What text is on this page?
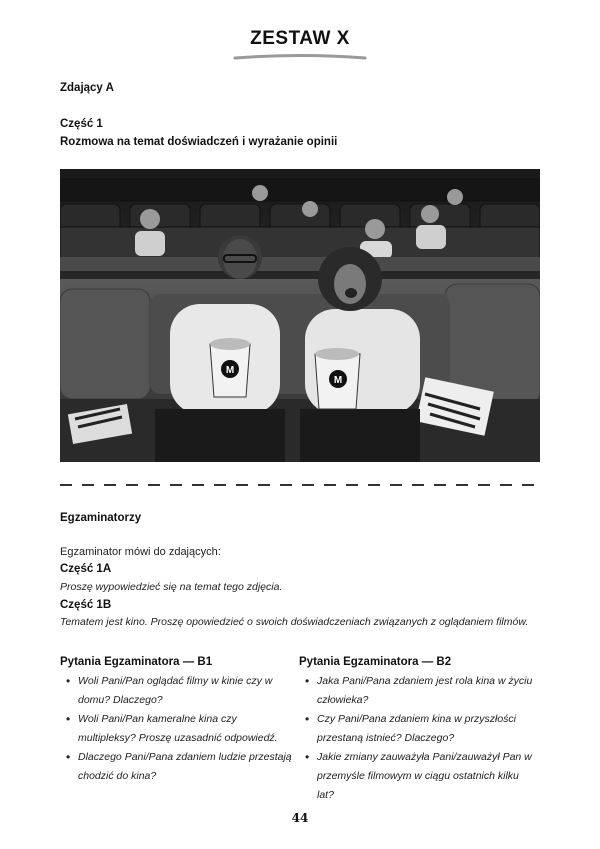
ZESTAW X
Zdający A
Część 1
Rozmowa na temat doświadczeń i wyrażanie opinii
M
M
Egzaminatorzy
Egzaminator mówi do zdających:
Część 1A
Proszę wypowiedzieć się na temat tego zdjęcia.
Część 1B
Tematem jest kino. Proszę opowiedzieć o swoich doświadczeniach związanych z oglądaniem filmów.
Pytania Egzaminatora — B1
• Woli Pani/Pan oglądać filmy w kinie czy w domu? Dlaczego?
• Woli Pani/Pan kameralne kina czy multipleksy? Proszę uzasadnić odpowiedź.
• Dlaczego Pani/Pana zdaniem ludzie przestają chodzić do kina?
Pytania Egzaminatora — B2
• Jaka Pani/Pana zdaniem jest rola kina w życiu człowieka?
• Czy Pani/Pana zdaniem kina w przyszłości przestaną istnieć? Dlaczego?
• Jakie zmiany zauważyła Pani/zauważył Pan w przemyśle filmowym w ciągu ostatnich kilku lat?
44
